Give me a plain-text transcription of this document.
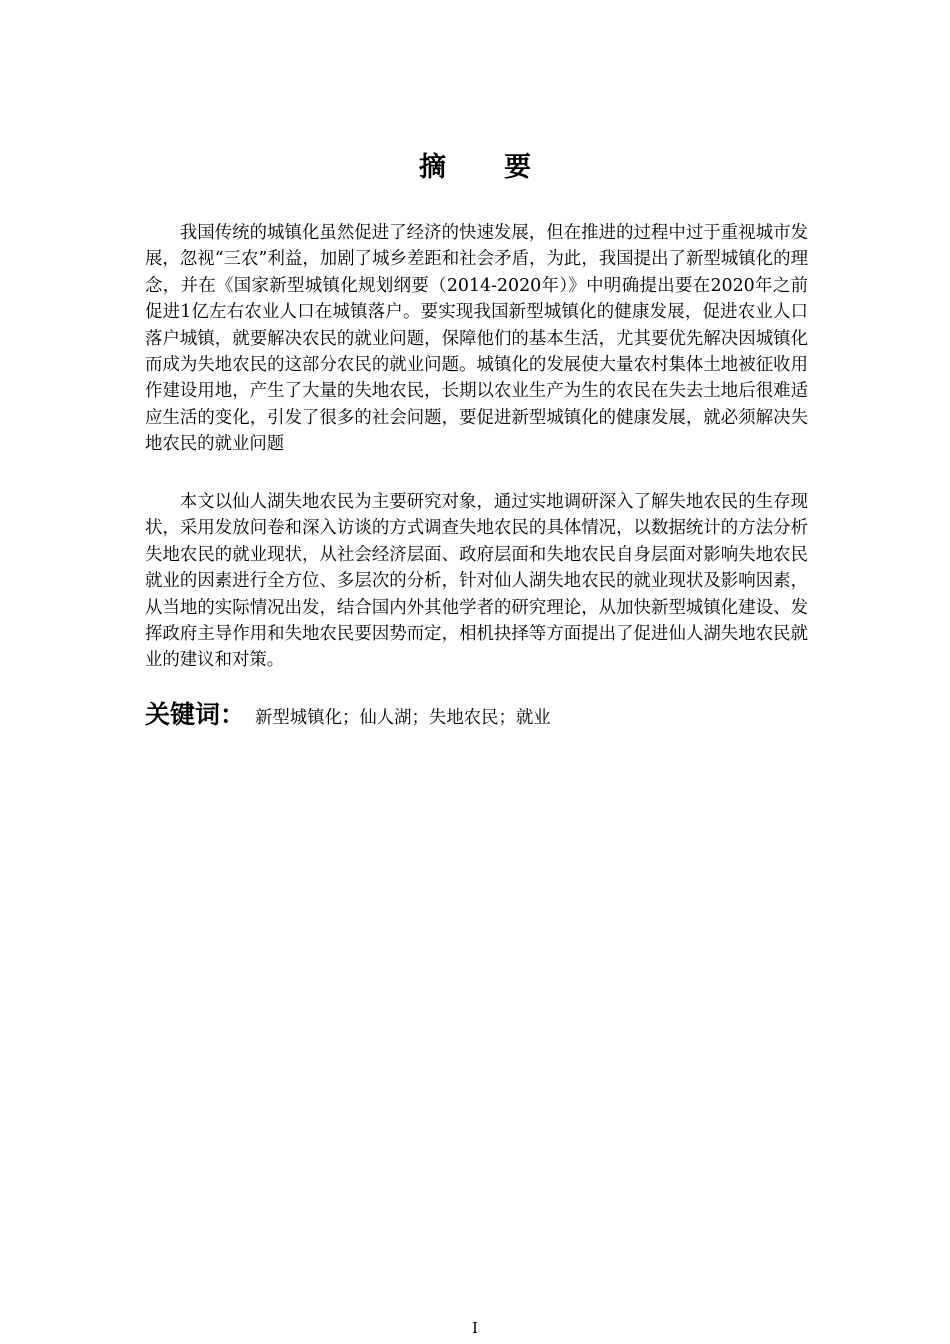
摘要

我国传统的城镇化虽然促进了经济的快速发展，但在推进的过程中过于重视城市发展，忽视“三农”利益，加剧了城乡差距和社会矛盾，为此，我国提出了新型城镇化的理念，并在《国家新型城镇化规划纲要（2014-2020年）》中明确提出要在2020年之前促进1亿左右农业人口在城镇落户。要实现我国新型城镇化的健康发展，促进农业人口落户城镇，就要解决农民的就业问题，保障他们的基本生活，尤其要优先解决因城镇化而成为失地农民的这部分农民的就业问题。城镇化的发展使大量农村集体土地被征收用作建设用地，产生了大量的失地农民，长期以农业生产为生的农民在失去土地后很难适应生活的变化，引发了很多的社会问题，要促进新型城镇化的健康发展，就必须解决失地农民的就业问题

本文以仙人湖失地农民为主要研究对象，通过实地调研深入了解失地农民的生存现状，采用发放问卷和深入访谈的方式调查失地农民的具体情况，以数据统计的方法分析失地农民的就业现状，从社会经济层面、政府层面和失地农民自身层面对影响失地农民就业的因素进行全方位、多层次的分析，针对仙人湖失地农民的就业现状及影响因素，从当地的实际情况出发，结合国内外其他学者的研究理论，从加快新型城镇化建设、发挥政府主导作用和失地农民要因势而定，相机抉择等方面提出了促进仙人湖失地农民就业的建议和对策。

关键词： 新型城镇化；仙人湖；失地农民；就业
I
